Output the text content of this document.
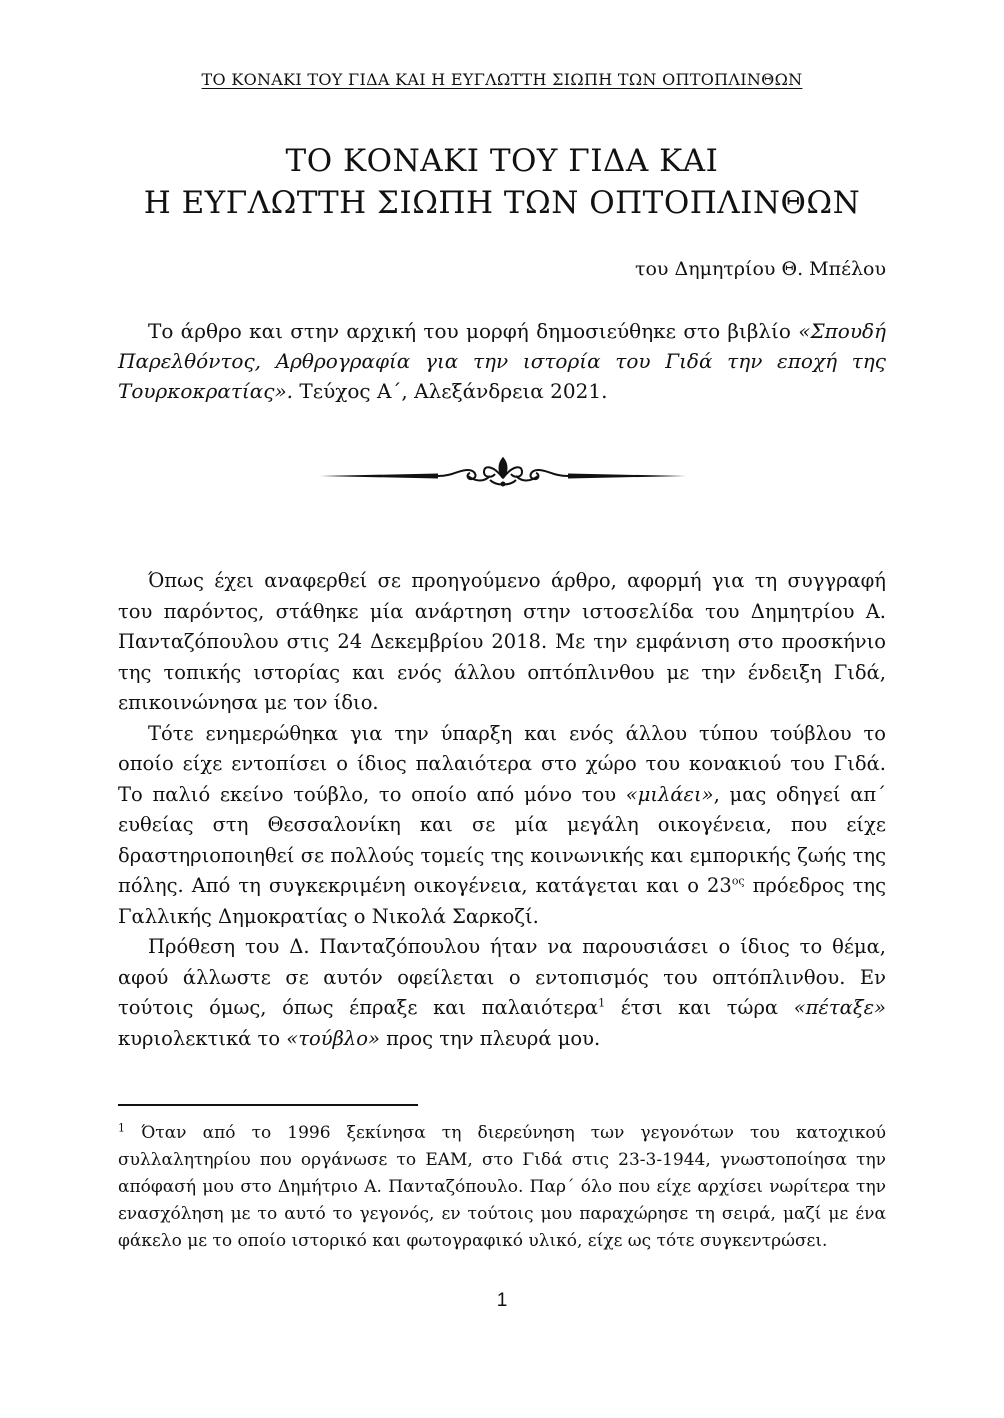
ΤΟ ΚΟΝΑΚΙ ΤΟΥ ΓΙΔΑ ΚΑΙ Η ΕΥΓΛΩΤΤΗ ΣΙΩΠΗ ΤΩΝ ΟΠΤΟΠΛΙΝΘΩΝ
ΤΟ ΚΟΝΑΚΙ ΤΟΥ ΓΙΔΑ ΚΑΙ
Η ΕΥΓΛΩΤΤΗ ΣΙΩΠΗ ΤΩΝ ΟΠΤΟΠΛΙΝΘΩΝ
του Δημητρίου Θ. Μπέλου

Το άρθρο και στην αρχική του μορφή δημοσιεύθηκε στο βιβλίο «Σπουδή Παρελθόντος, Αρθρογραφία για την ιστορία του Γιδά την εποχή της Τουρκοκρατίας». Τεύχος Α΄, Αλεξάνδρεια 2021.

Όπως έχει αναφερθεί σε προηγούμενο άρθρο, αφορμή για τη συγγραφή του παρόντος, στάθηκε μία ανάρτηση στην ιστοσελίδα του Δημητρίου Α. Πανταζόπουλου στις 24 Δεκεμβρίου 2018. Με την εμφάνιση στο προσκήνιο της τοπικής ιστορίας και ενός άλλου οπτόπλινθου με την ένδειξη Γιδά, επικοινώνησα με τον ίδιο.

Τότε ενημερώθηκα για την ύπαρξη και ενός άλλου τύπου τούβλου το οποίο είχε εντοπίσει ο ίδιος παλαιότερα στο χώρο του κονακιού του Γιδά. Το παλιό εκείνο τούβλο, το οποίο από μόνο του «μιλάει», μας οδηγεί απ΄ ευθείας στη Θεσσαλονίκη και σε μία μεγάλη οικογένεια, που είχε δραστηριοποιηθεί σε πολλούς τομείς της κοινωνικής και εμπορικής ζωής της πόλης. Από τη συγκεκριμένη οικογένεια, κατάγεται και ο $23^{o\varsigma}$ πρόεδρος της Γαλλικής Δημοκρατίας ο Νικολά Σαρκοζί.

Πρόθεση του Δ. Πανταζόπουλου ήταν να παρουσιάσει ο ίδιος το θέμα, αφού άλλωστε σε αυτόν οφείλεται ο εντοπισμός του οπτόπλινθου. Εν τούτοις όμως, όπως έπραξε και παλαιότερα$^1$ έτσι και τώρα «πέταξε» κυριολεκτικά το «τούβλο» προς την πλευρά μου.

$^1$ Όταν από το 1996 ξεκίνησα τη διερεύνηση των γεγονότων του κατοχικού συλλαλητηρίου που οργάνωσε το ΕΑΜ, στο Γιδά στις 23-3-1944, γνωστοποίησα την απόφασή μου στο Δημήτριο Α. Πανταζόπουλο. Παρ΄ όλο που είχε αρχίσει νωρίτερα την ενασχόληση με το αυτό το γεγονός, εν τούτοις μου παραχώρησε τη σειρά, μαζί με ένα φάκελο με το οποίο ιστορικό και φωτογραφικό υλικό, είχε ως τότε συγκεντρώσει.

1
